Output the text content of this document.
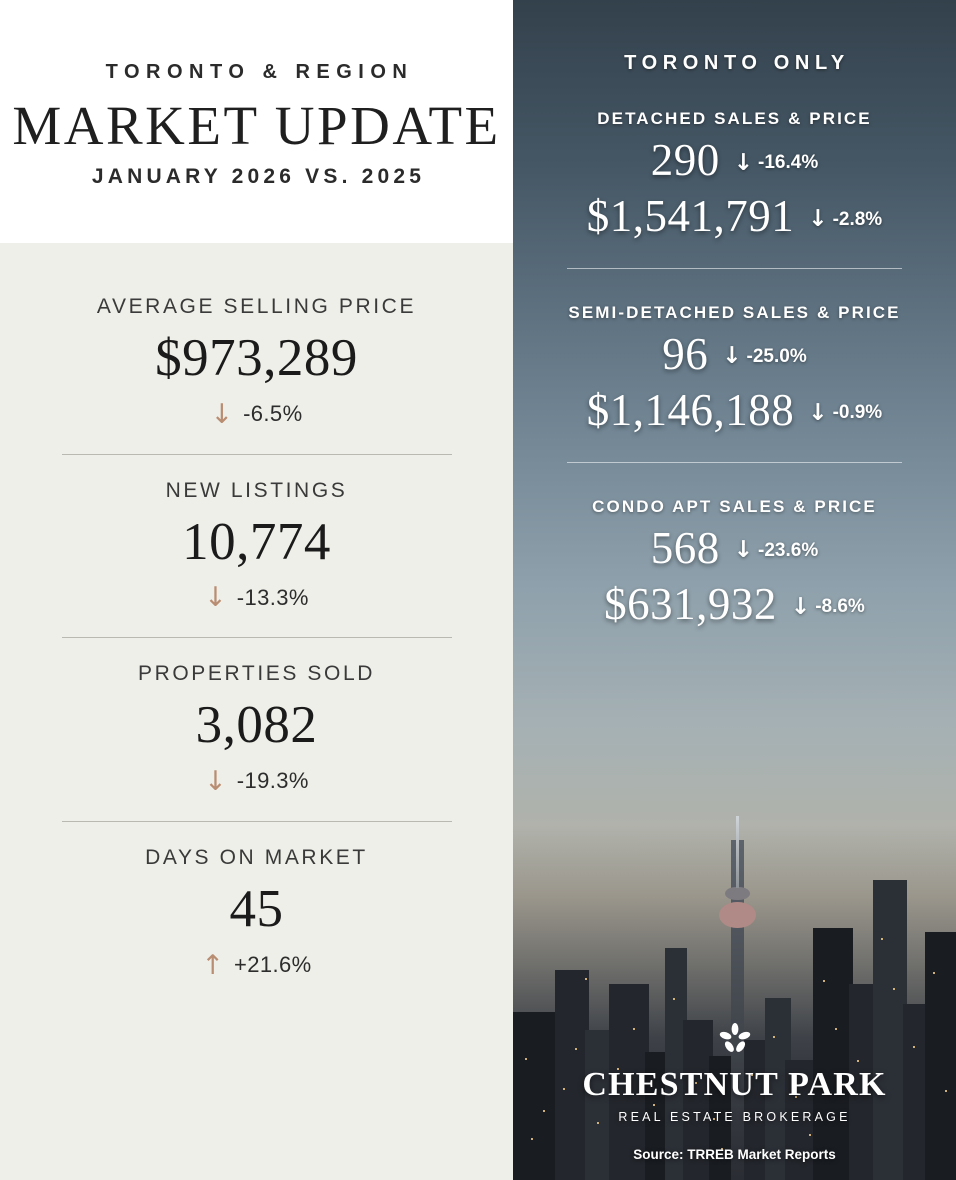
TORONTO & REGION
MARKET UPDATE
JANUARY 2026 VS. 2025
AVERAGE SELLING PRICE
$973,289
↓ -6.5%
NEW LISTINGS
10,774
↓ -13.3%
PROPERTIES SOLD
3,082
↓ -19.3%
DAYS ON MARKET
45
↑ +21.6%
TORONTO ONLY
DETACHED SALES & PRICE
290 ↓ -16.4%
$1,541,791 ↓ -2.8%
SEMI-DETACHED SALES & PRICE
96 ↓ -25.0%
$1,146,188 ↓ -0.9%
CONDO APT SALES & PRICE
568 ↓ -23.6%
$631,932 ↓ -8.6%
CHESTNUT PARK
REAL ESTATE BROKERAGE
Source: TRREB Market Reports
